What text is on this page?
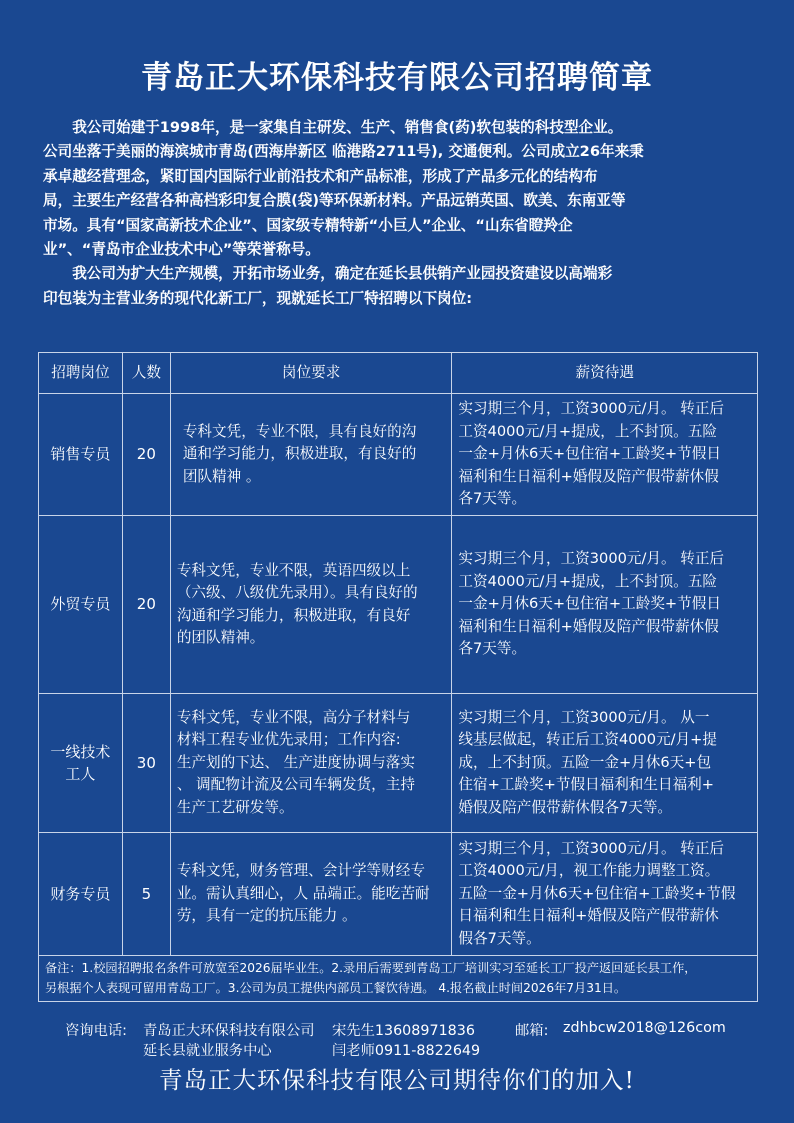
青岛正大环保科技有限公司招聘简章
　　我公司始建于1998年，是一家集自主研发、生产、销售食(药)软包装的科技型企业。
公司坐落于美丽的海滨城市青岛(西海岸新区 临港路2711号), 交通便利。公司成立26年来秉
承卓越经营理念，紧盯国内国际行业前沿技术和产品标准，形成了产品多元化的结构布
局，主要生产经营各种高档彩印复合膜(袋)等环保新材料。产品远销英国、欧美、东南亚等
市场。具有“国家高新技术企业”、国家级专精特新“小巨人”企业、“山东省瞪羚企
业”、“青岛市企业技术中心”等荣誉称号。
　　我公司为扩大生产规模，开拓市场业务，确定在延长县供销产业园投资建设以高端彩
印包装为主营业务的现代化新工厂，现就延长工厂特招聘以下岗位:
招聘岗位	人数	岗位要求	薪资待遇
销售专员	20	专科文凭，专业不限，具有良好的沟
通和学习能力，积极进取，有良好的
团队精神 。	实习期三个月，工资3000元/月。 转正后
工资4000元/月+提成，上不封顶。五险
一金+月休6天+包住宿+工龄奖+节假日
福利和生日福利+婚假及陪产假带薪休假
各7天等。
外贸专员	20	专科文凭，专业不限，英语四级以上
（六级、八级优先录用）。具有良好的
沟通和学习能力，积极进取，有良好
的团队精神。	实习期三个月，工资3000元/月。 转正后
工资4000元/月+提成，上不封顶。五险
一金+月休6天+包住宿+工龄奖+节假日
福利和生日福利+婚假及陪产假带薪休假
各7天等。
一线技术
工人	30	专科文凭，专业不限，高分子材料与
材料工程专业优先录用；工作内容:
生产划的下达、 生产进度协调与落实
、 调配物计流及公司车辆发货，主持
生产工艺研发等。	实习期三个月，工资3000元/月。 从一
线基层做起，转正后工资4000元/月+提
成，上不封顶。五险一金+月休6天+包
住宿+工龄奖+节假日福利和生日福利+
婚假及陪产假带薪休假各7天等。
财务专员	5	专科文凭，财务管理、会计学等财经专
业。需认真细心，人 品端正。能吃苦耐
劳，具有一定的抗压能力 。	实习期三个月，工资3000元/月。 转正后
工资4000元/月，视工作能力调整工资。
五险一金+月休6天+包住宿+工龄奖+节假
日福利和生日福利+婚假及陪产假带薪休
假各7天等。
备注：1.校园招聘报名条件可放宽至2026届毕业生。2.录用后需要到青岛工厂培训实习至延长工厂投产返回延长县工作，
另根据个人表现可留用青岛工厂。3.公司为员工提供内部员工餐饮待遇。 4.报名截止时间2026年7月31日。
咨询电话: 青岛正大环保科技有限公司 宋先生13608971836	邮箱: zdhbcw2018@126com
延长县就业服务中心	闫老师0911-8822649
青岛正大环保科技有限公司期待你们的加入!
